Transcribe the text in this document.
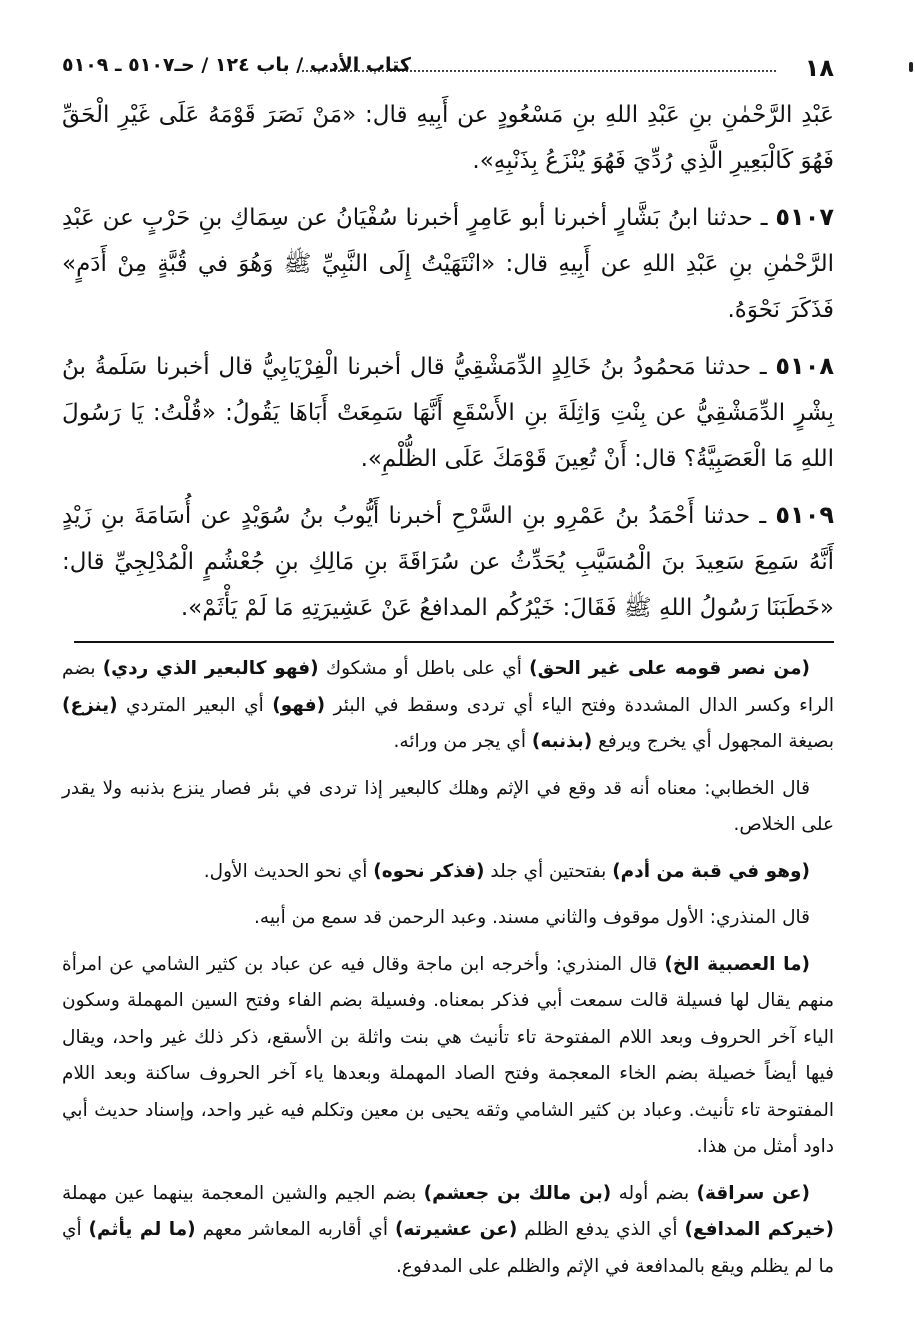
١٨
كتاب الأدب / باب ١٢٤ / حـ٥١٠٧ ـ ٥١٠٩

عَبْدِ الرَّحْمٰنِ بنِ عَبْدِ اللهِ بنِ مَسْعُودٍ عن أَبِيهِ قال: «مَنْ نَصَرَ قَوْمَهُ عَلَى غَيْرِ الْحَقِّ فَهُوَ كَالْبَعِيرِ الَّذِي رُدِّيَ فَهُوَ يُنْزَعُ بِذَنْبِهِ».

٥١٠٧ ـ حدثنا ابنُ بَشَّارٍ أخبرنا أبو عَامِرٍ أخبرنا سُفْيَانُ عن سِمَاكِ بنِ حَرْبٍ عن عَبْدِ الرَّحْمٰنِ بنِ عَبْدِ اللهِ عن أَبِيهِ قال: «انْتَهَيْتُ إِلَى النَّبِيِّ ﷺ وَهُوَ في قُبَّةٍ مِنْ أَدَمٍ» فَذَكَرَ نَحْوَهُ.

٥١٠٨ ـ حدثنا مَحمُودُ بنُ خَالِدٍ الدِّمَشْقِيُّ قال أخبرنا الْفِرْيَابِيُّ قال أخبرنا سَلَمةُ بنُ بِشْرٍ الدِّمَشْقِيُّ عن بِنْتِ وَاثِلَةَ بنِ الأَسْقَعِ أَنَّهَا سَمِعَتْ أَبَاهَا يَقُولُ: «قُلْتُ: يَا رَسُولَ اللهِ مَا الْعَصَبِيَّةُ؟ قال: أَنْ تُعِينَ قَوْمَكَ عَلَى الظُّلْمِ».

٥١٠٩ ـ حدثنا أَحْمَدُ بنُ عَمْرِو بنِ السَّرْحِ أخبرنا أَيُّوبُ بنُ سُوَيْدٍ عن أُسَامَةَ بنِ زَيْدٍ أَنَّهُ سَمِعَ سَعِيدَ بنَ الْمُسَيَّبِ يُحَدِّثُ عن سُرَاقَةَ بنِ مَالِكِ بنِ جُعْشُمٍ الْمُدْلِجِيِّ قال: «خَطَبَنَا رَسُولُ اللهِ ﷺ فَقَالَ: خَيْرُكُم المدافعُ عَنْ عَشِيرَتِهِ مَا لَمْ يَأْثَمْ».

(من نصر قومه على غير الحق) أي على باطل أو مشكوك (فهو كالبعير الذي ردي) بضم الراء وكسر الدال المشددة وفتح الياء أي تردى وسقط في البئر (فهو) أي البعير المتردي (ينزع) بصيغة المجهول أي يخرج ويرفع (بذنبه) أي يجر من ورائه.

قال الخطابي: معناه أنه قد وقع في الإثم وهلك كالبعير إذا تردى في بئر فصار ينزع بذنبه ولا يقدر على الخلاص.

(وهو في قبة من أدم) بفتحتين أي جلد (فذكر نحوه) أي نحو الحديث الأول.

قال المنذري: الأول موقوف والثاني مسند. وعبد الرحمن قد سمع من أبيه.

(ما العصبية الخ) قال المنذري: وأخرجه ابن ماجة وقال فيه عن عباد بن كثير الشامي عن امرأة منهم يقال لها فسيلة قالت سمعت أبي فذكر بمعناه. وفسيلة بضم الفاء وفتح السين المهملة وسكون الياء آخر الحروف وبعد اللام المفتوحة تاء تأنيث هي بنت واثلة بن الأسقع، ذكر ذلك غير واحد، ويقال فيها أيضاً خصيلة بضم الخاء المعجمة وفتح الصاد المهملة وبعدها ياء آخر الحروف ساكنة وبعد اللام المفتوحة تاء تأنيث. وعباد بن كثير الشامي وثقه يحيى بن معين وتكلم فيه غير واحد، وإسناد حديث أبي داود أمثل من هذا.

(عن سراقة) بضم أوله (بن مالك بن جعشم) بضم الجيم والشين المعجمة بينهما عين مهملة (خيركم المدافع) أي الذي يدفع الظلم (عن عشيرته) أي أقاربه المعاشر معهم (ما لم يأثم) أي ما لم يظلم ويقع بالمدافعة في الإثم والظلم على المدفوع.
